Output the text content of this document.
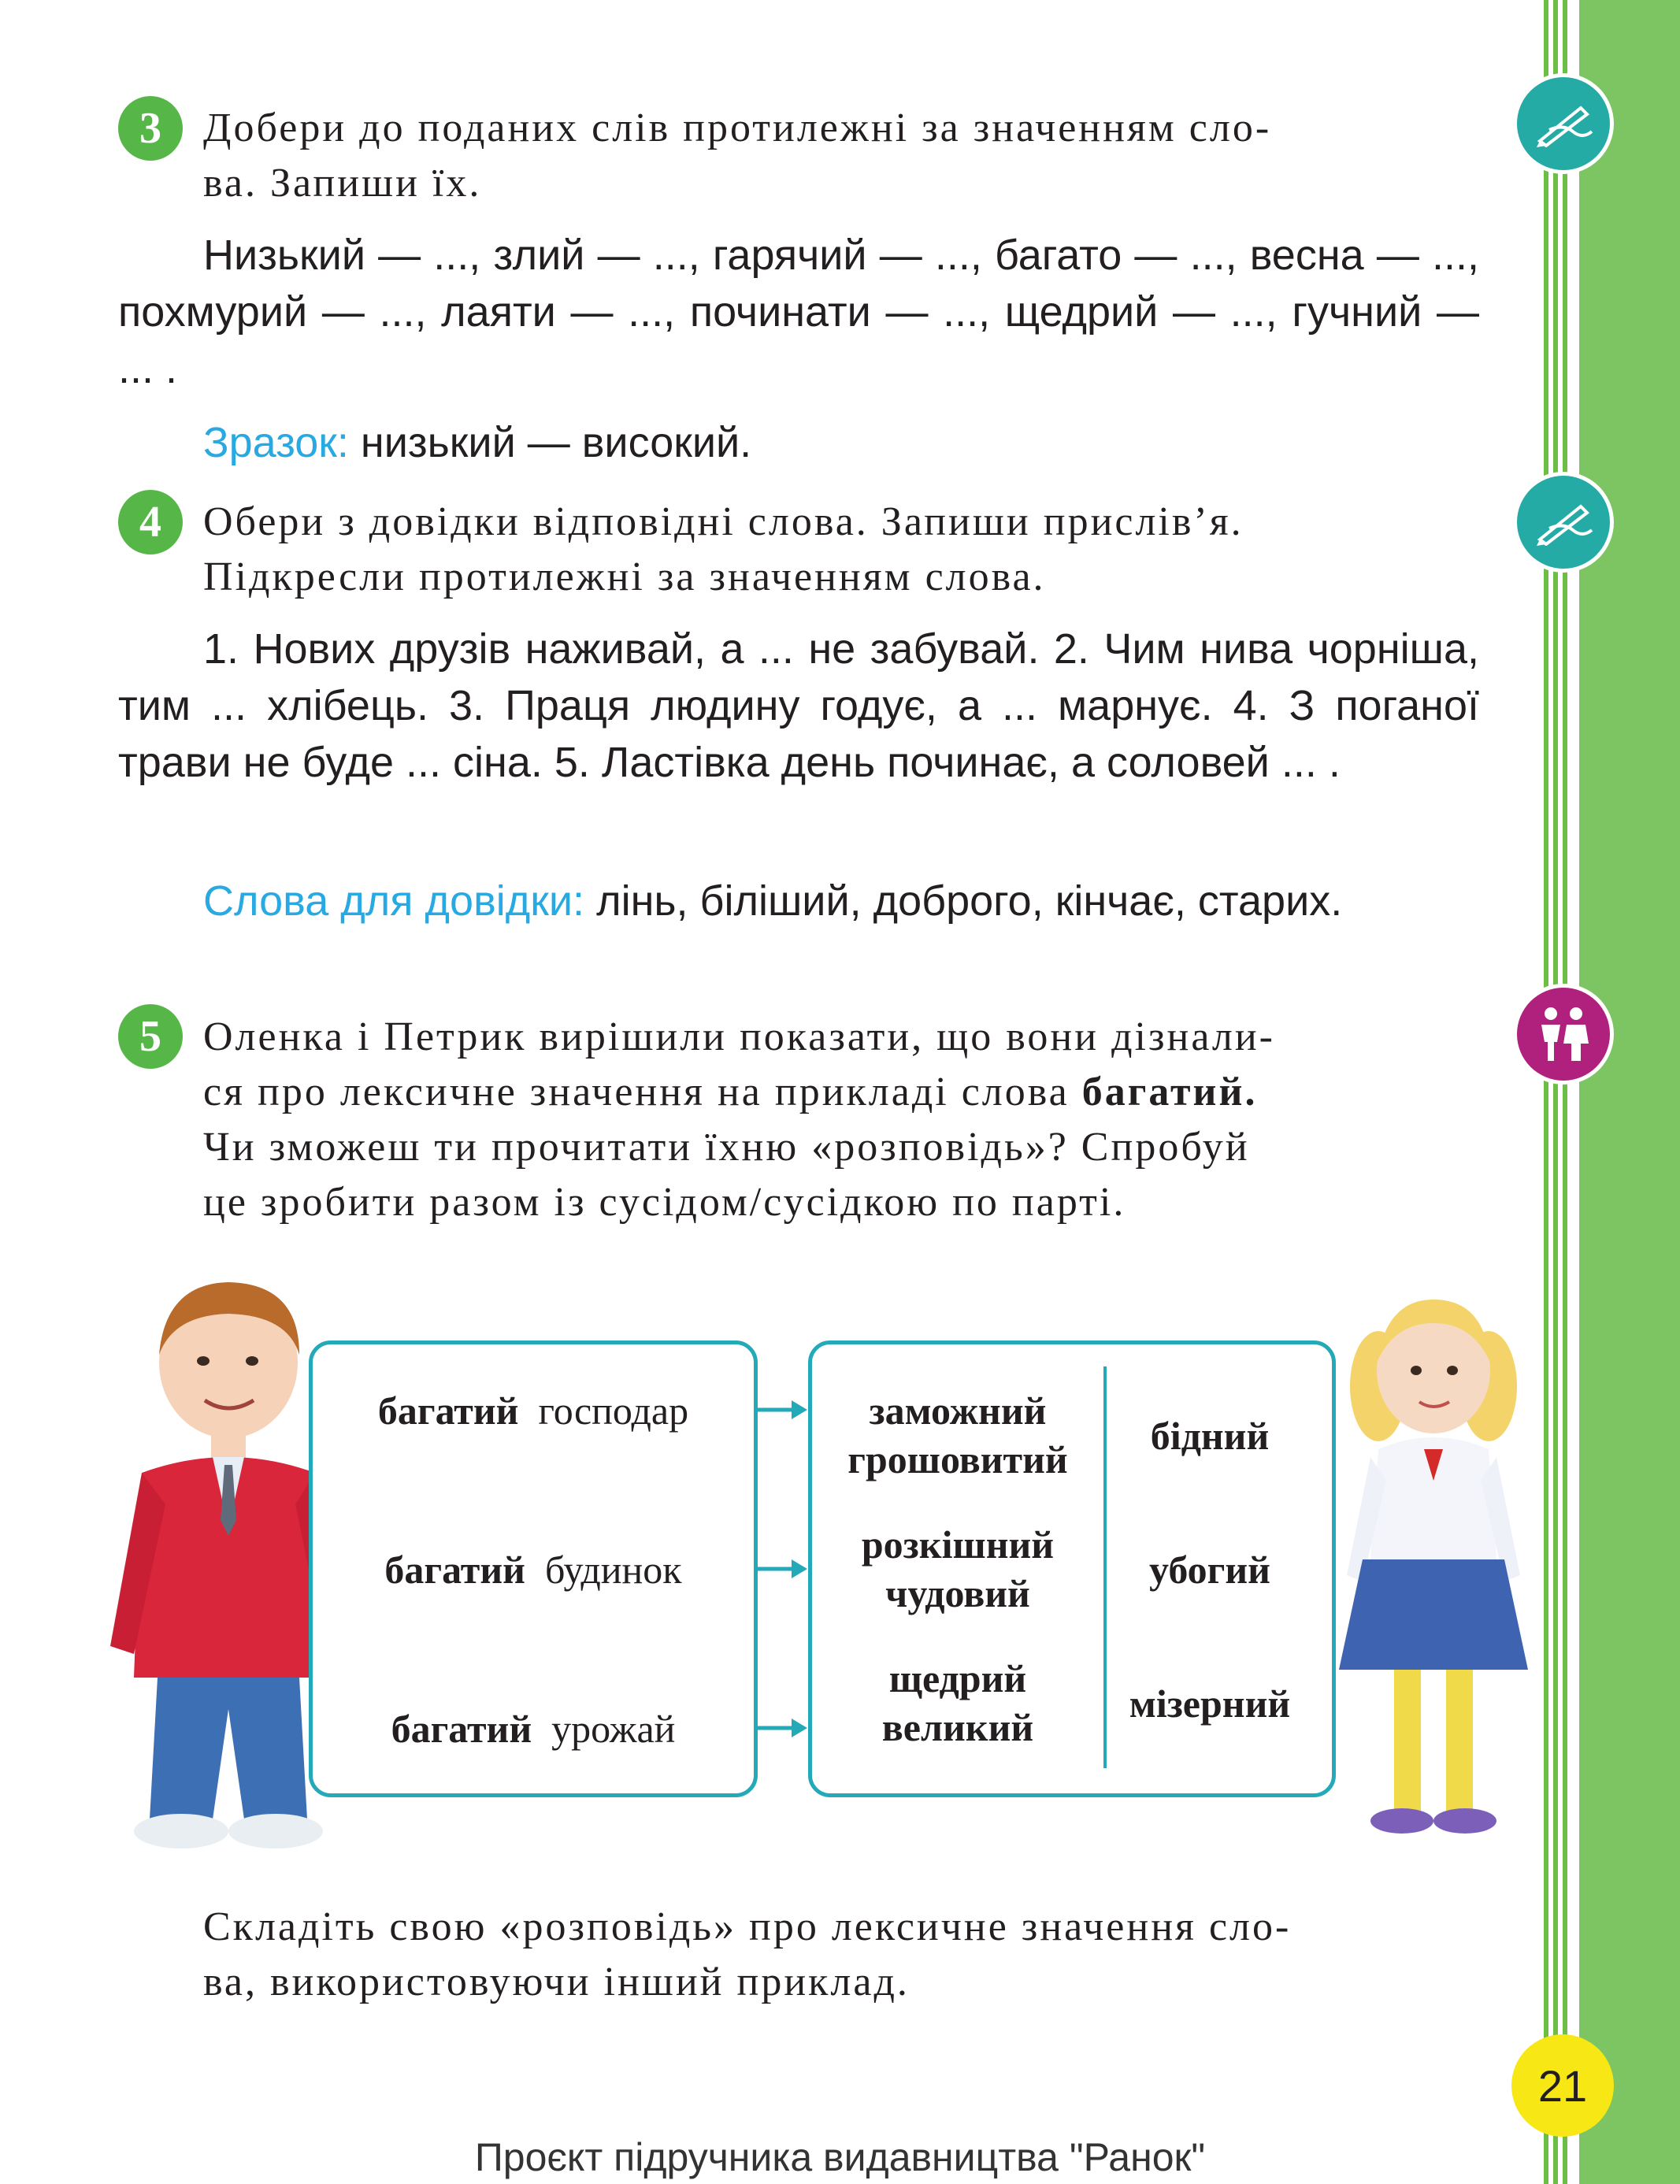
3	Добери до поданих слів протилежні за значенням сло-
ва. Запиши їх.
Низький — ..., злий — ..., гарячий — ..., багато — ..., весна — ..., похмурий — ..., лаяти — ..., починати — ..., щедрий — ..., гучний — ... .
Зразок: низький — високий.
4	Обери з довідки відповідні слова. Запиши прислів’я.
Підкресли протилежні за значенням слова.
1. Нових друзів наживай, а ... не забувай. 2. Чим нива чорніша, тим ... хлібець. 3. Праця людину годує, а ... марнує. 4. З поганої трави не буде ... сіна. 5. Ластівка день починає, а соловей ... .
Слова для довідки: лінь, біліший, доброго, кінчає, старих.
5	Оленка і Петрик вирішили показати, що вони дізнали-
ся про лексичне значення на прикладі слова багатий.
Чи зможеш ти прочитати їхню «розповідь»? Спробуй
це зробити разом із сусідом/сусідкою по парті.
багатий господар
багатий будинок
багатий урожай
заможний
грошовитий
розкішний
чудовий
щедрий
великий
бідний
убогий
мізерний
Складіть свою «розповідь» про лексичне значення сло-
ва, використовуючи інший приклад.
21
Проєкт підручника видавництва "Ранок"
